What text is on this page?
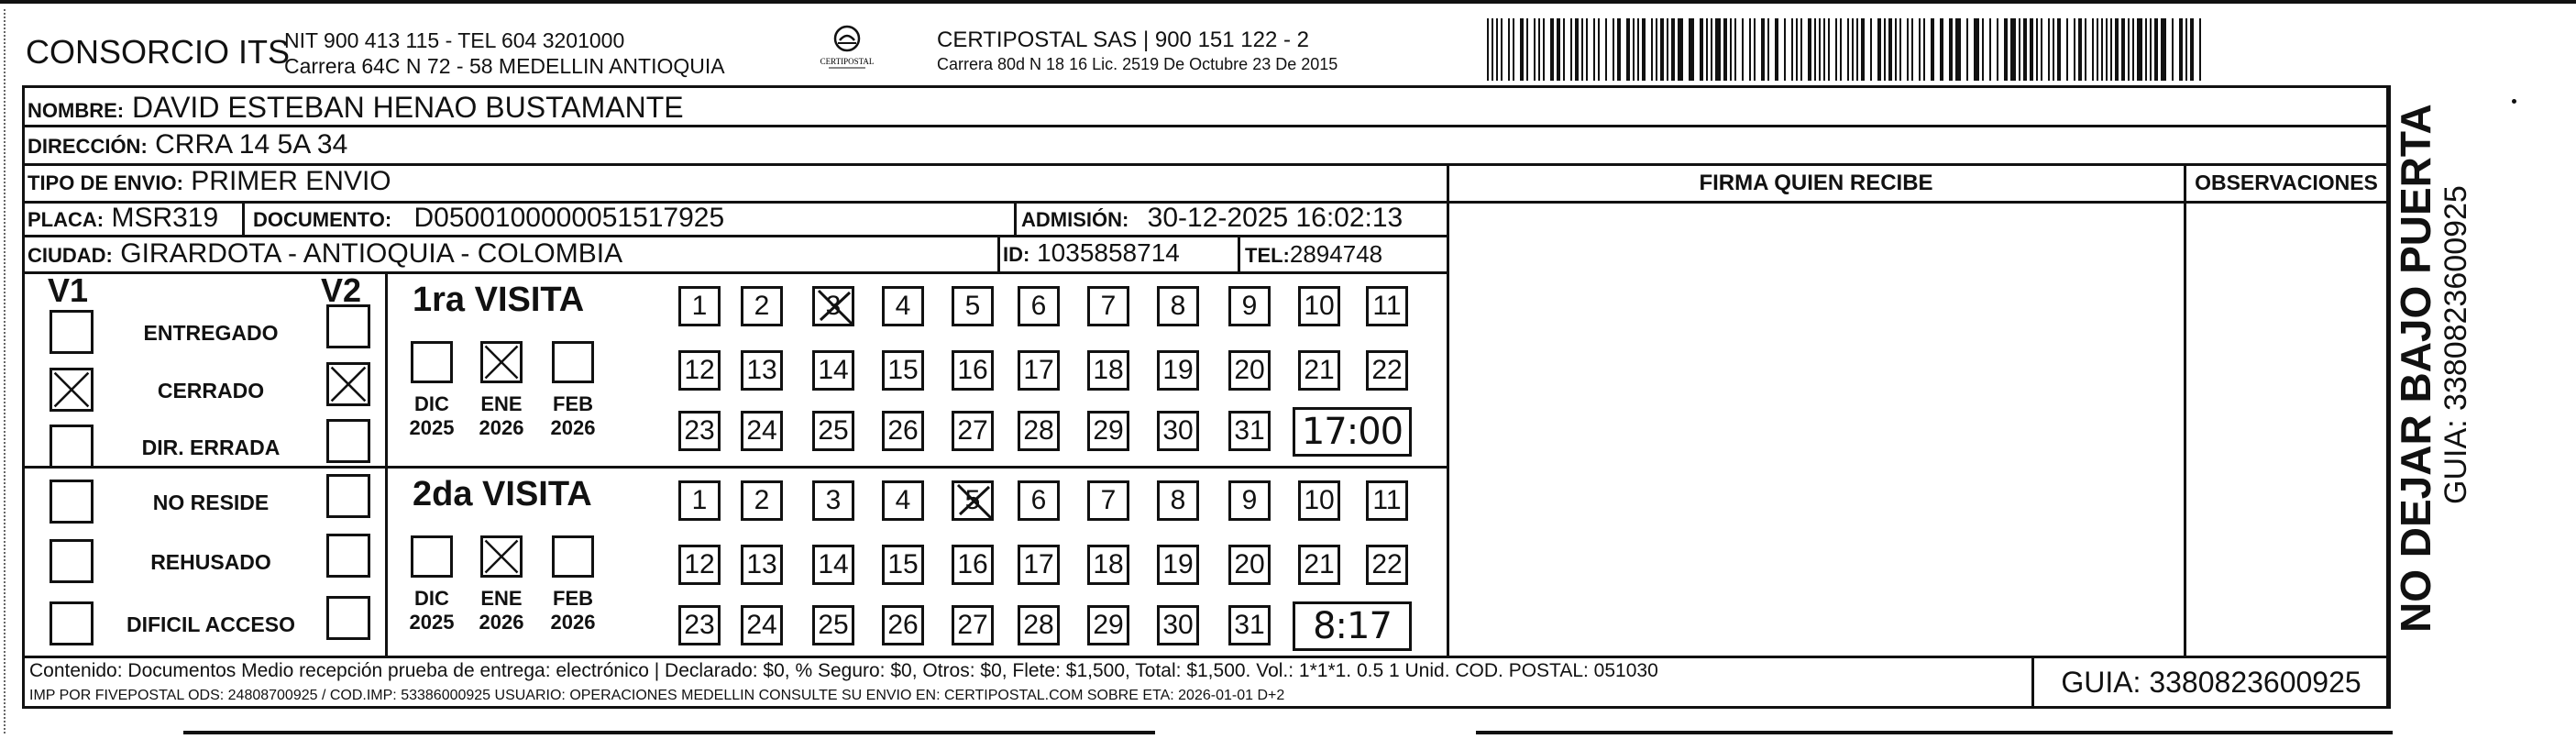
CONSORCIO ITS
NIT 900 413 115 - TEL 604 3201000
Carrera 64C N 72 - 58 MEDELLIN ANTIOQUIA	CERTIPOSTAL
CERTIPOSTAL SAS | 900 151 122 - 2
Carrera 80d N 18 16 Lic. 2519 De Octubre 23 De 2015
NOMBRE: DAVID ESTEBAN HENAO BUSTAMANTE
DIRECCIÓN: CRRA 14 5A 34
TIPO DE ENVIO: PRIMER ENVIO
PLACA: MSR319 DOCUMENTO: D0500100000051517925	ADMISIÓN: 30-12-2025 16:02:13
CIUDAD: GIRARDOTA - ANTIOQUIA - COLOMBIA	ID: 1035858714	TEL:2894748
FIRMA QUIEN RECIBE	OBSERVACIONES
V1	V2
ENTREGADO
CERRADO
DIR. ERRADA
NO RESIDE
REHUSADO
DIFICIL ACCESO
1ra VISITA
DIC
2025
ENE
2026
FEB
2026
1	2	3	4	5	6	7	8	9	10 11
12 13 14 15 16 17 18 19 20 21 22
23 24 25 26 27 28 29 30 31 17:00
2da VISITA
DIC
2025
ENE
2026
FEB
2026
1	2	3	4	5	6	7	8	9	10 11
12 13 14 15 16 17 18 19 20 21 22
23 24 25 26 27 28 29 30 31	8:17
Contenido: Documentos Medio recepción prueba de entrega: electrónico | Declarado: $0, % Seguro: $0, Otros: $0, Flete: $1,500, Total: $1,500. Vol.: 1*1*1. 0.5 1 Unid. COD. POSTAL: 051030
IMP POR FIVEPOSTAL ODS: 24808700925 / COD.IMP: 53386000925 USUARIO: OPERACIONES MEDELLIN CONSULTE SU ENVIO EN: CERTIPOSTAL.COM SOBRE ETA: 2026-01-01 D+2	GUIA: 3380823600925
NO DEJAR BAJO PUERTA GUIA: 3380823600925
